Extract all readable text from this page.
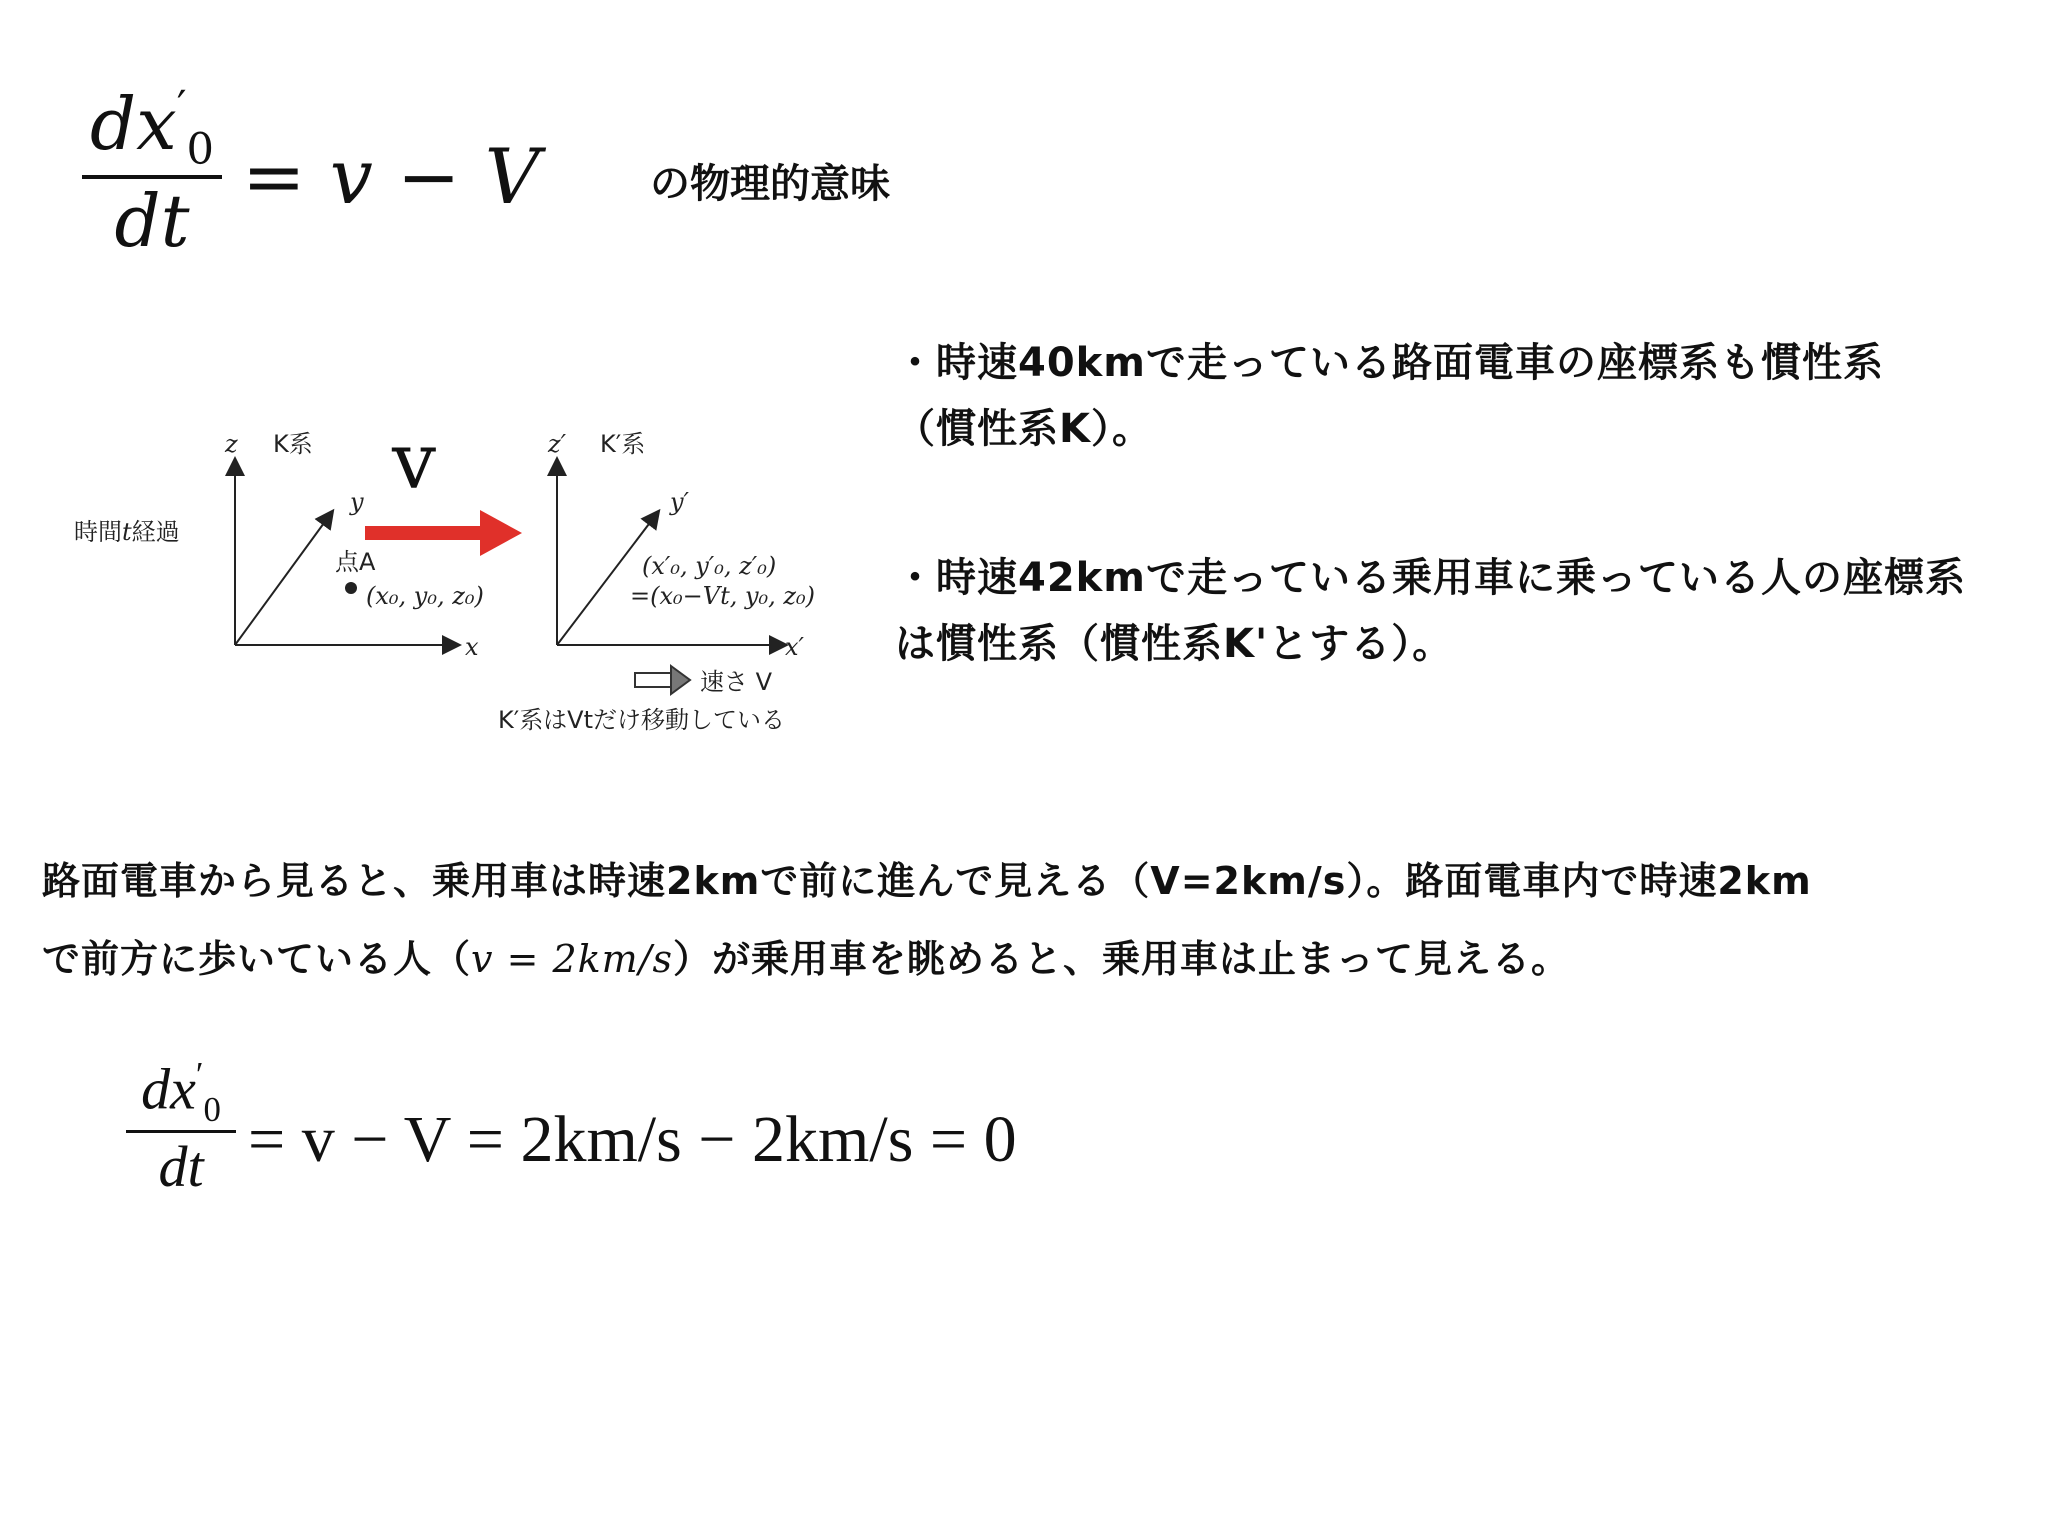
$dx'_0$
dt
= v − V	の物理的意味
時間t経過
z K系
y
x
点A
(x₀, y₀, z₀)
v	z′ K′系
y′
x′
(x′₀, y′₀, z′₀)
=(x₀−Vt, y₀, z₀)
速さ V
K′系はVtだけ移動している
・時速40kmで走っている路面電車の座標系も慣性系
（慣性系K）。
・時速42kmで走っている乗用車に乗っている人の座標系
は慣性系（慣性系K'とする）。
路面電車から見ると、乗用車は時速2kmで前に進んで見える（V=2km/s）。路面電車内で時速2km
で前方に歩いている人（v = 2km/s）が乗用車を眺めると、乗用車は止まって見える。
$dx'_0$
dt = v − V = 2km/s − 2km/s = 0
